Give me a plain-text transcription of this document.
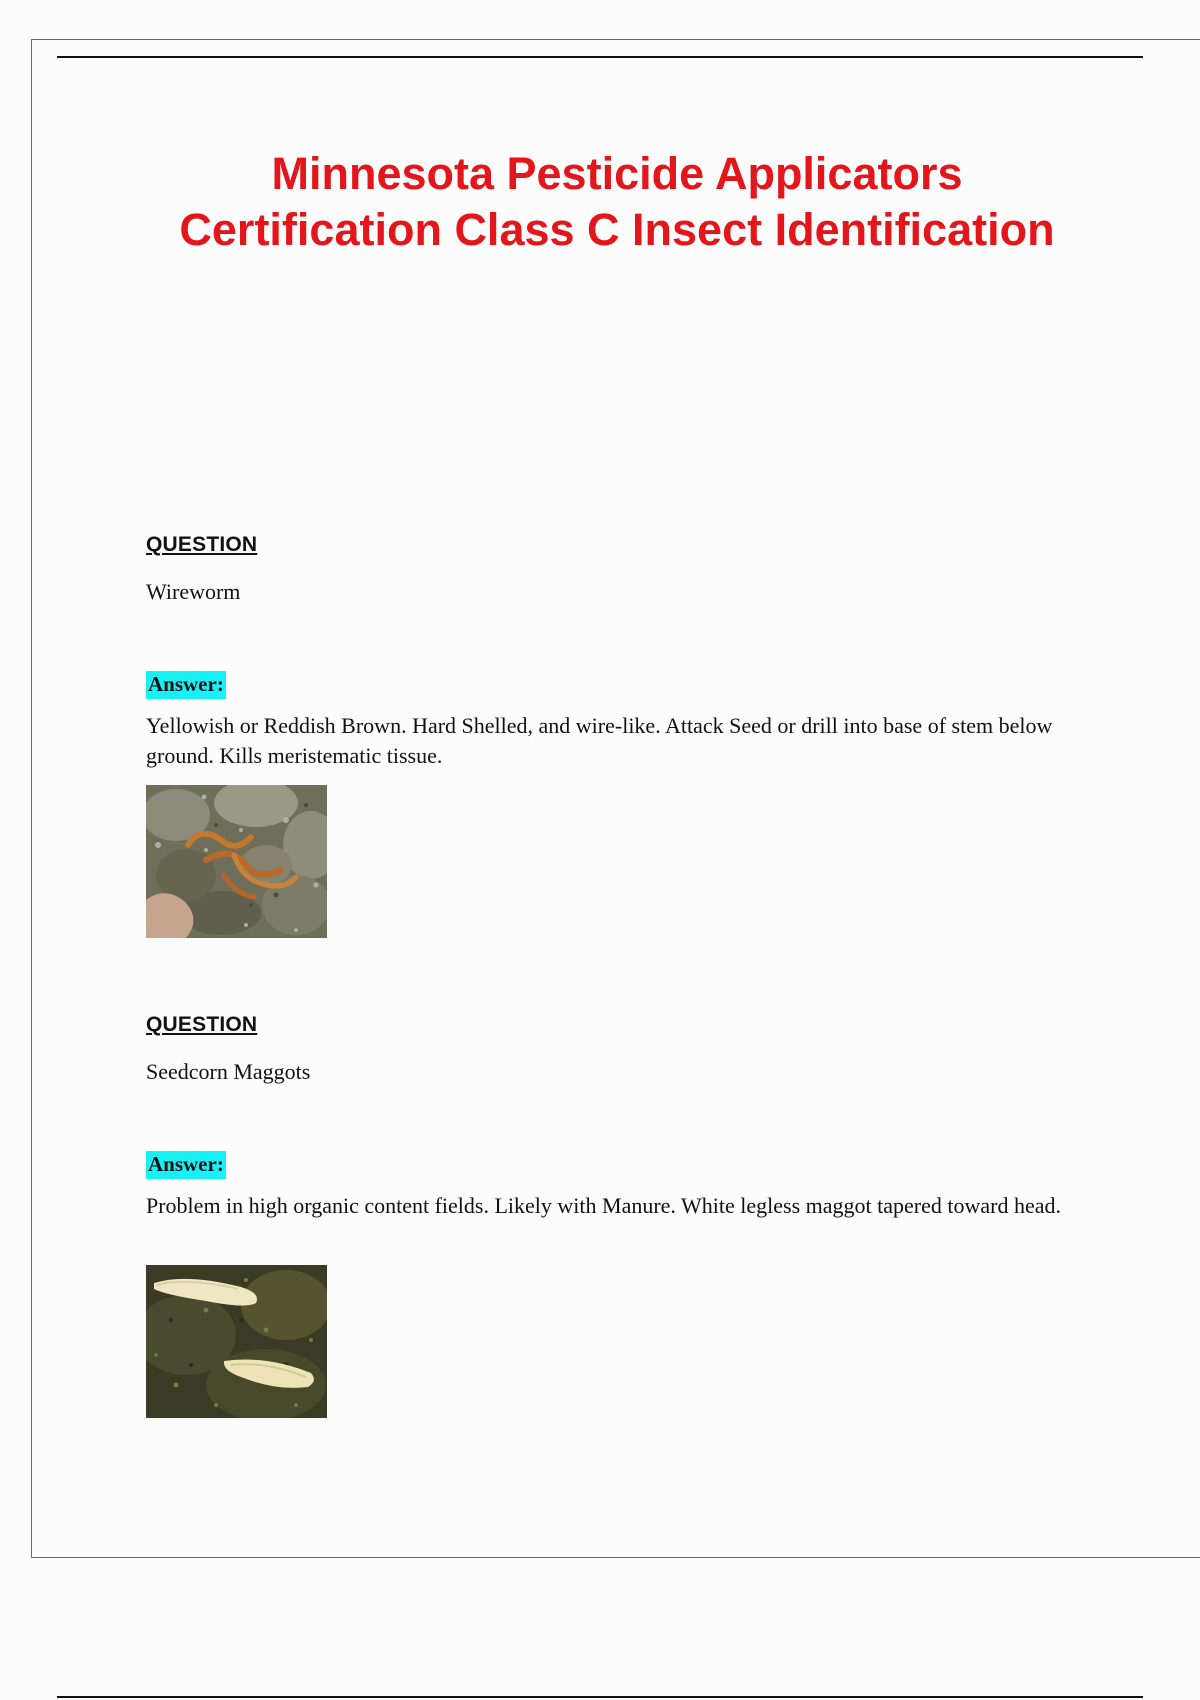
Minnesota Pesticide Applicators
Certification Class C Insect Identification
QUESTION
Wireworm
Answer:

Yellowish or Reddish Brown. Hard Shelled, and wire-like. Attack Seed or drill into base of stem below ground. Kills meristematic tissue.

QUESTION
Seedcorn Maggots
Answer:

Problem in high organic content fields. Likely with Manure. White legless maggot tapered toward head.
